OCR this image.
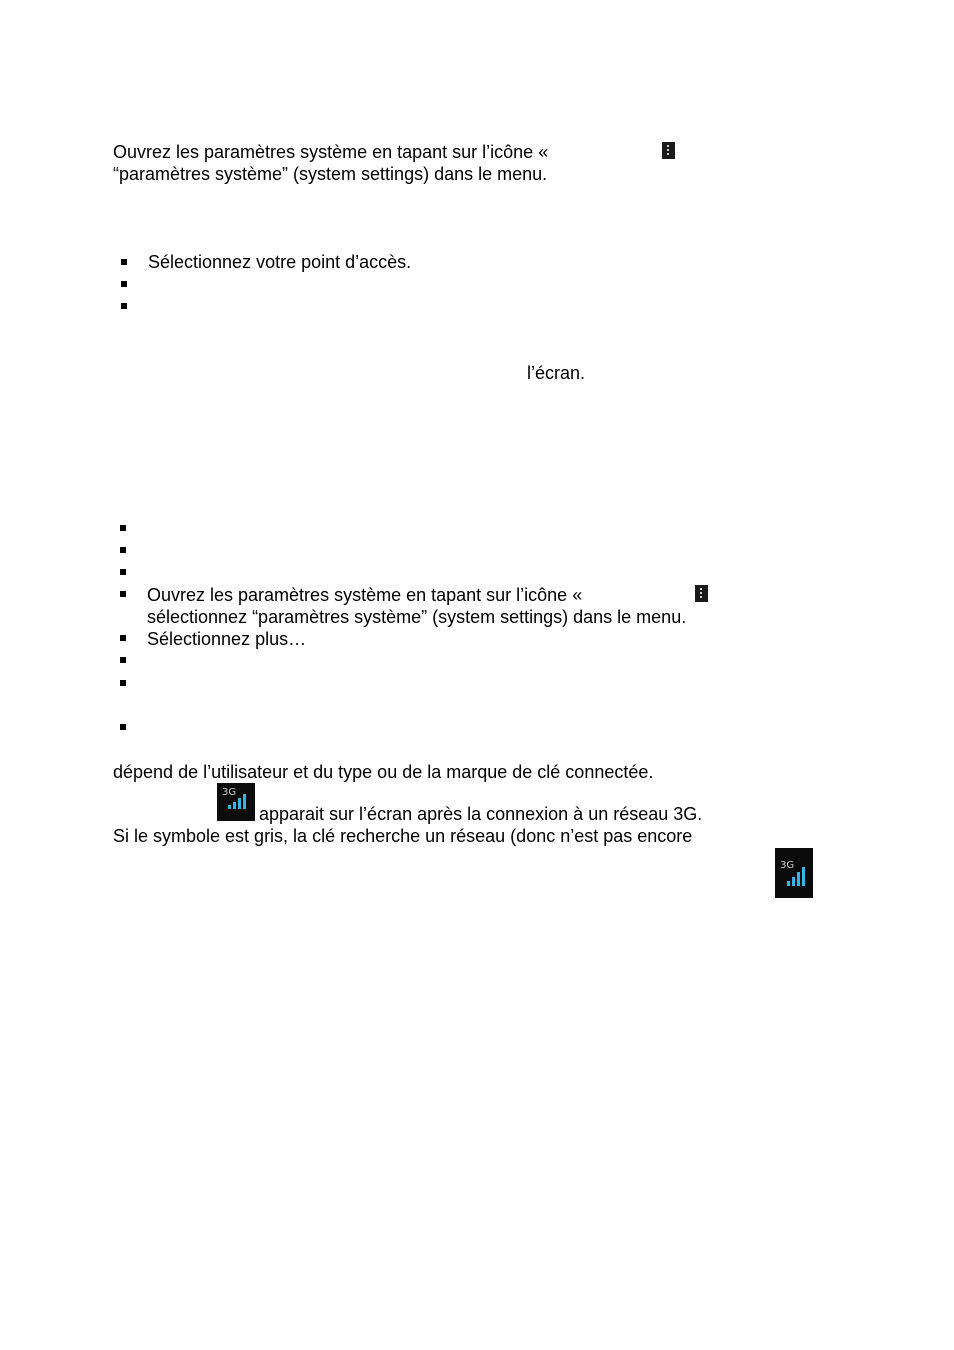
Ouvrez les paramètres système en tapant sur l’icône «
“paramètres système” (system settings) dans le menu.
Sélectionnez votre point d’accès.
l’écran.
Ouvrez les paramètres système en tapant sur l’icône «
sélectionnez “paramètres système” (system settings) dans le menu.
Sélectionnez plus…
dépend de l’utilisateur et du type ou de la marque de clé connectée.
3G
apparait sur l’écran après la connexion à un réseau 3G.
Si le symbole est gris, la clé recherche un réseau (donc n’est pas encore
3G
